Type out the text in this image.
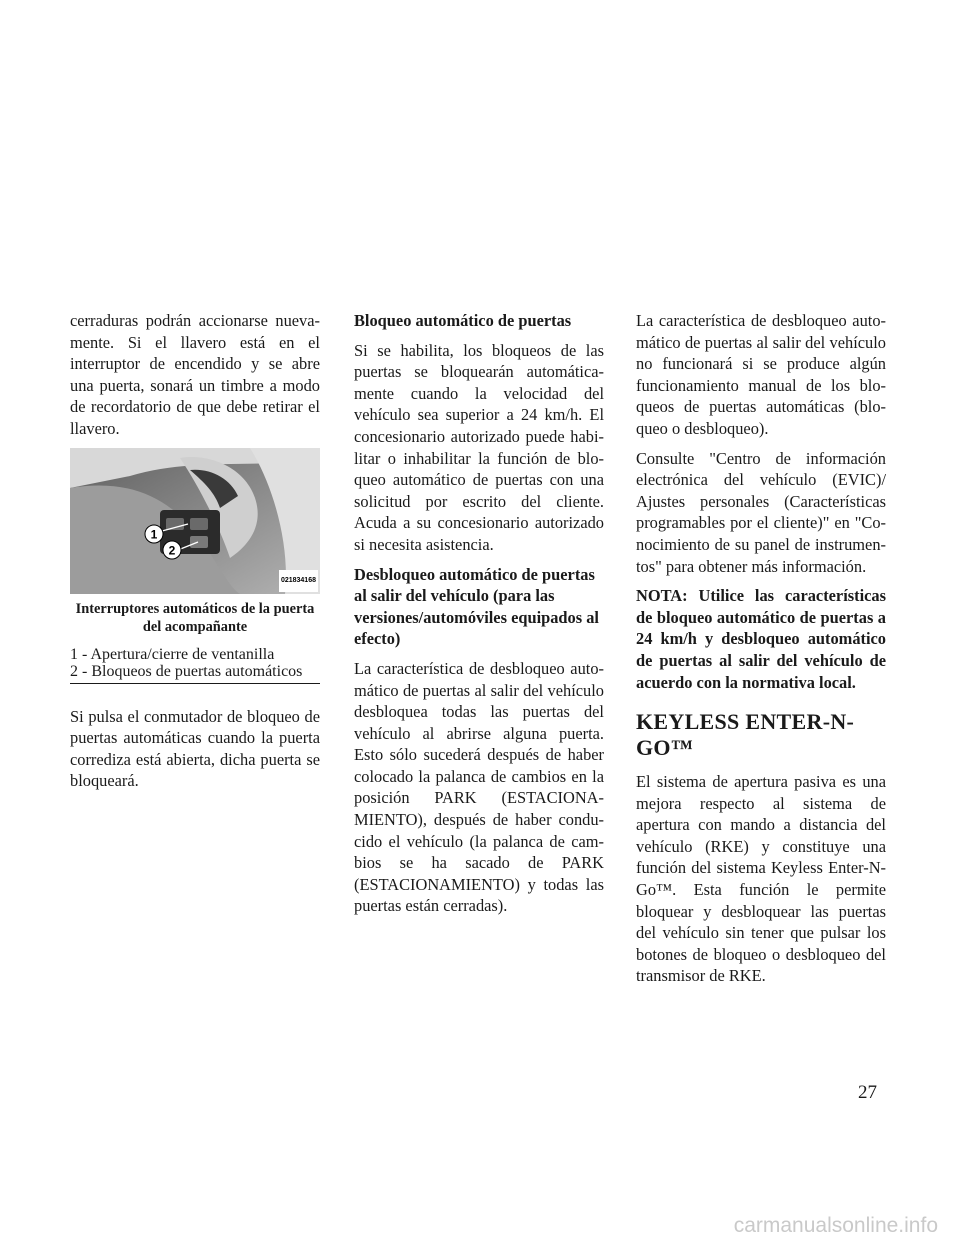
cerraduras podrán accionarse nuevamente. Si el llavero está en el interruptor de encendido y se abre una puerta, sonará un timbre a modo de recordatorio de que debe retirar el llavero.

1
2
021834168
Interruptores automáticos de la puerta del acompañante
1 - Apertura/cierre de ventanilla
2 - Bloqueos de puertas automáticos

Si pulsa el conmutador de bloqueo de puertas automáticas cuando la puerta corrediza está abierta, dicha puerta se bloqueará.

Bloqueo automático de puertas

Si se habilita, los bloqueos de las puertas se bloquearán automáticamente cuando la velocidad del vehículo sea superior a 24 km/h. El concesionario autorizado puede habilitar o inhabilitar la función de bloqueo automático de puertas con una solicitud por escrito del cliente. Acuda a su concesionario autorizado si necesita asistencia.

Desbloqueo automático de puertas al salir del vehículo (para las versiones/automóviles equipados al efecto)

La característica de desbloqueo automático de puertas al salir del vehículo desbloquea todas las puertas del vehículo al abrirse alguna puerta. Esto sólo sucederá después de haber colocado la palanca de cambios en la posición PARK (ESTACIONAMIENTO), después de haber conducido el vehículo (la palanca de cambios se ha sacado de PARK (ESTACIONAMIENTO) y todas las puertas están cerradas).

La característica de desbloqueo automático de puertas al salir del vehículo no funcionará si se produce algún funcionamiento manual de los bloqueos de puertas automáticas (bloqueo o desbloqueo).

Consulte "Centro de información electrónica del vehículo (EVIC)/ Ajustes personales (Características programables por el cliente)" en "Conocimiento de su panel de instrumentos" para obtener más información.

NOTA: Utilice las características de bloqueo automático de puertas a 24 km/h y desbloqueo automático de puertas al salir del vehículo de acuerdo con la normativa local.
KEYLESS ENTER-N-GO™

El sistema de apertura pasiva es una mejora respecto al sistema de apertura con mando a distancia del vehículo (RKE) y constituye una función del sistema Keyless Enter-N-Go™. Esta función le permite bloquear y desbloquear las puertas del vehículo sin tener que pulsar los botones de bloqueo o desbloqueo del transmisor de RKE.

27
carmanualsonline.info
